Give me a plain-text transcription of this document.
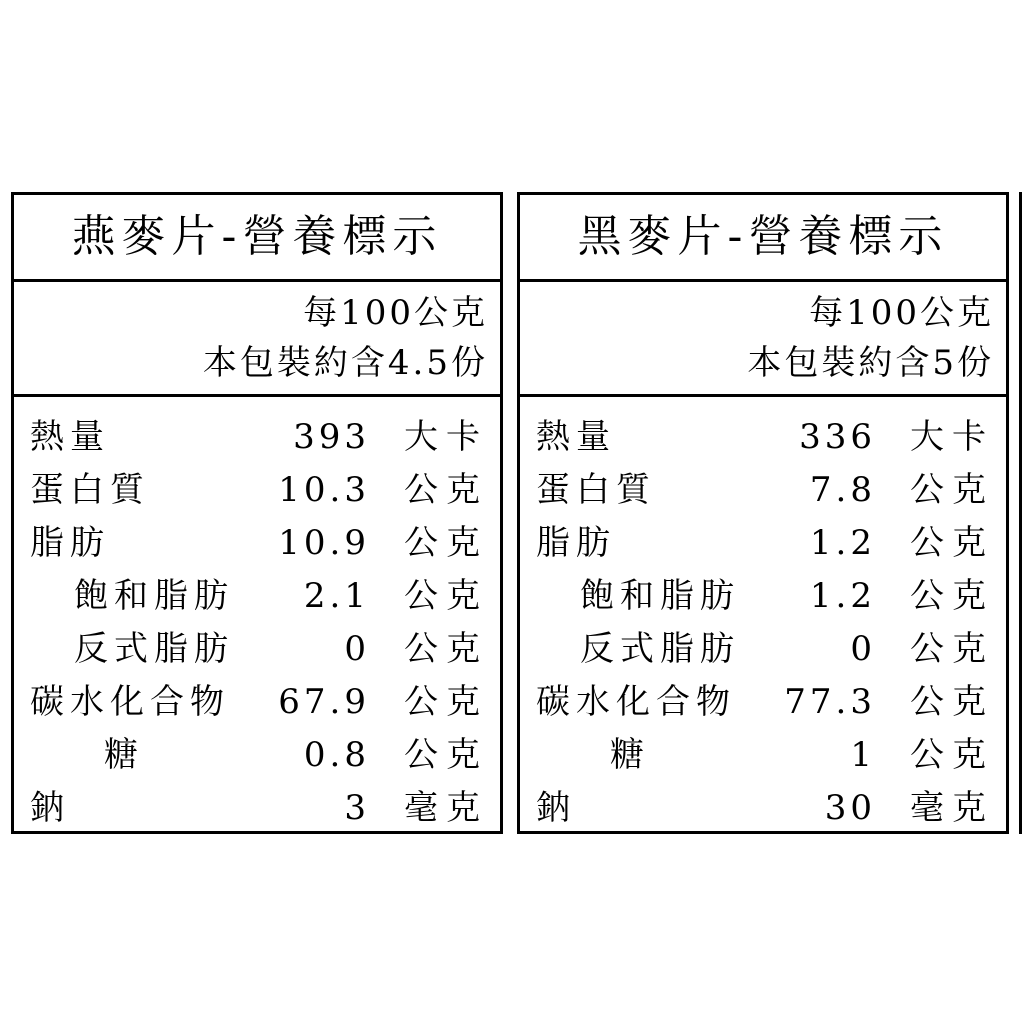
燕麥片-營養標示
每100公克
本包裝約含4.5份
熱量	393 大卡
蛋白質	10.3 公克
脂肪	10.9 公克
飽和脂肪 2.1 公克
反式脂肪	0 公克
碳水化合物 67.9 公克
糖	0.8 公克
鈉	3 毫克
黑麥片-營養標示
每100公克
本包裝約含5份
熱量	336 大卡
蛋白質	7.8 公克
脂肪	1.2 公克
飽和脂肪 1.2 公克
反式脂肪	0 公克
碳水化合物 77.3 公克
糖	1 公克
鈉	30 毫克
